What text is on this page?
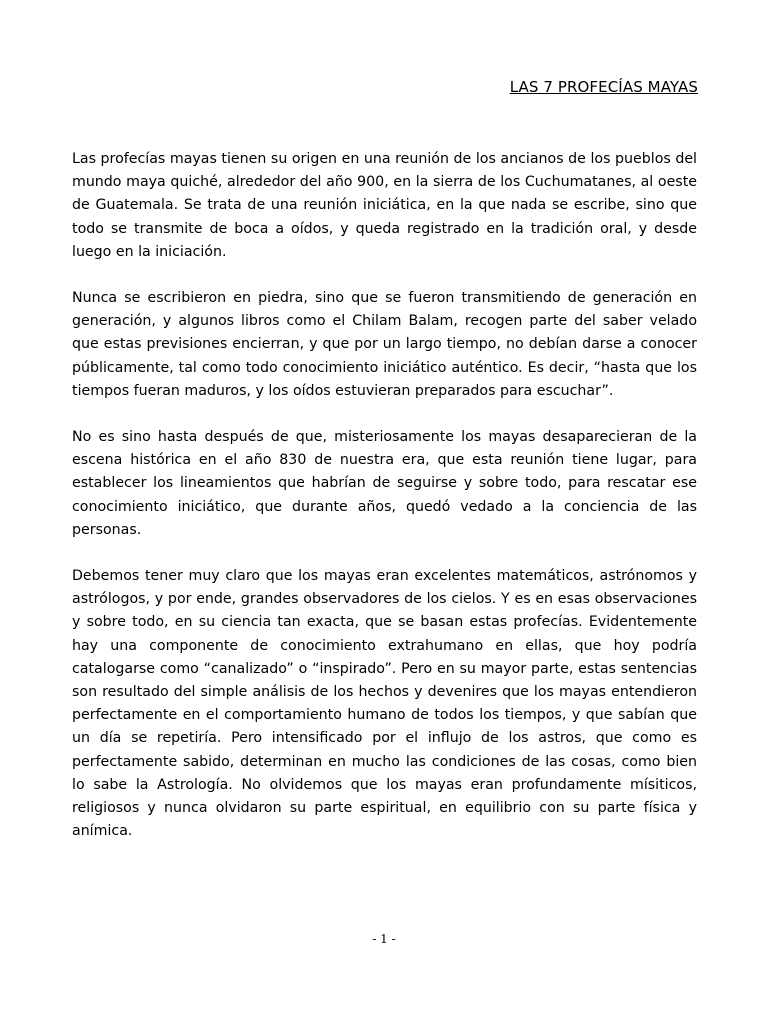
LAS 7 PROFECÍAS MAYAS

Las profecías mayas tienen su origen en una reunión de los ancianos de los pueblos del mundo maya quiché, alrededor del año 900, en la sierra de los Cuchumatanes, al oeste de Guatemala. Se trata de una reunión iniciática, en la que nada se escribe, sino que todo se transmite de boca a oídos, y queda registrado en la tradición oral, y desde luego en la iniciación.

Nunca se escribieron en piedra, sino que se fueron transmitiendo de generación en generación, y algunos libros como el Chilam Balam, recogen parte del saber velado que estas previsiones encierran, y que por un largo tiempo, no debían darse a conocer públicamente, tal como todo conocimiento iniciático auténtico. Es decir, “hasta que los tiempos fueran maduros, y los oídos estuvieran preparados para escuchar”.

No es sino hasta después de que, misteriosamente los mayas desaparecieran de la escena histórica en el año 830 de nuestra era, que esta reunión tiene lugar, para establecer los lineamientos que habrían de seguirse y sobre todo, para rescatar ese conocimiento iniciático, que durante años, quedó vedado a la conciencia de las personas.

Debemos tener muy claro que los mayas eran excelentes matemáticos, astrónomos y astrólogos, y por ende, grandes observadores de los cielos. Y es en esas observaciones y sobre todo, en su ciencia tan exacta, que se basan estas profecías. Evidentemente hay una componente de conocimiento extrahumano en ellas, que hoy podría catalogarse como “canalizado” o “inspirado”. Pero en su mayor parte, estas sentencias son resultado del simple análisis de los hechos y devenires que los mayas entendieron perfectamente en el comportamiento humano de todos los tiempos, y que sabían que un día se repetiría. Pero intensificado por el influjo de los astros, que como es perfectamente sabido, determinan en mucho las condiciones de las cosas, como bien lo sabe la Astrología. No olvidemos que los mayas eran profundamente mísiticos, religiosos y nunca olvidaron su parte espiritual, en equilibrio con su parte física y anímica.

- 1 -
